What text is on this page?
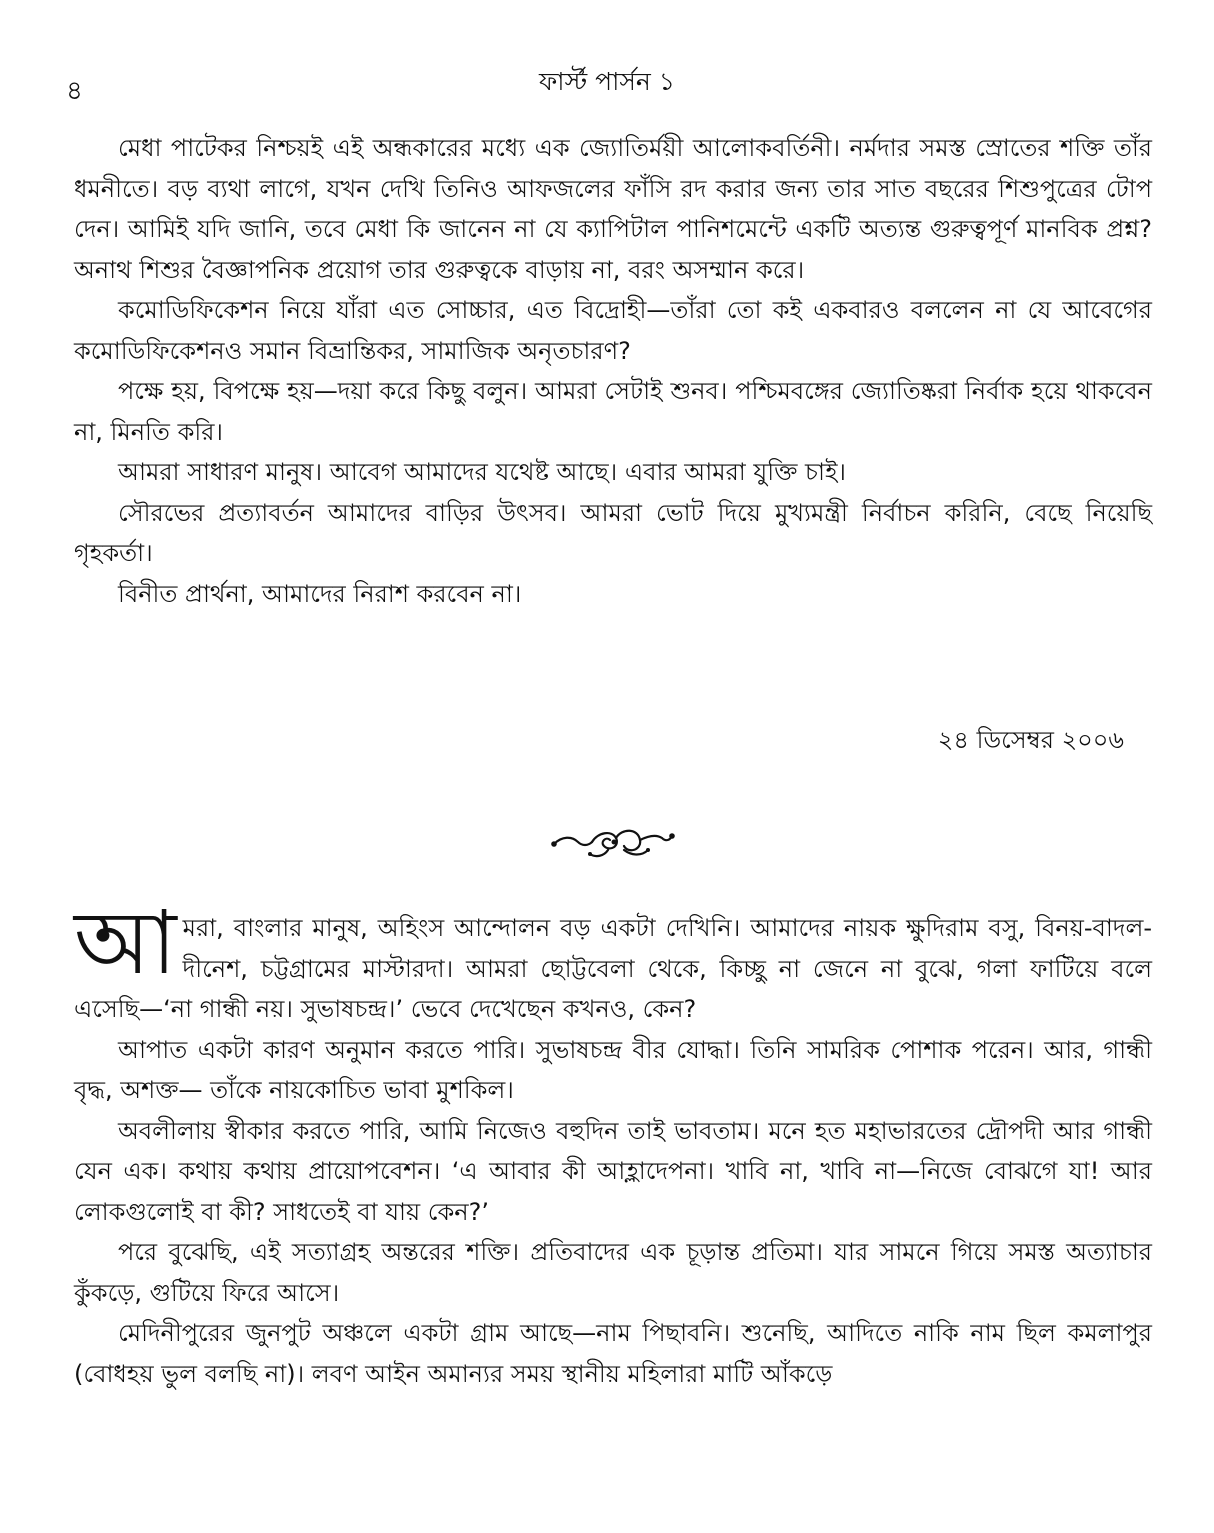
৪	ফার্স্ট পার্সন ১

মেধা পাটেকর নিশ্চয়ই এই অন্ধকারের মধ্যে এক জ্যোতির্ময়ী আলোকবর্তিনী। নর্মদার সমস্ত স্রোতের শক্তি তাঁর ধমনীতে। বড় ব্যথা লাগে, যখন দেখি তিনিও আফজলের ফাঁসি রদ করার জন্য তার সাত বছরের শিশুপুত্রের টোপ দেন। আমিই যদি জানি, তবে মেধা কি জানেন না যে ক্যাপিটাল পানিশমেন্টে একটি অত্যন্ত গুরুত্বপূর্ণ মানবিক প্রশ্ন? অনাথ শিশুর বৈজ্ঞাপনিক প্রয়োগ তার গুরুত্বকে বাড়ায় না, বরং অসম্মান করে।

কমোডিফিকেশন নিয়ে যাঁরা এত সোচ্চার, এত বিদ্রোহী—তাঁরা তো কই একবারও বললেন না যে আবেগের কমোডিফিকেশনও সমান বিভ্রান্তিকর, সামাজিক অনৃতচারণ?

পক্ষে হয়, বিপক্ষে হয়—দয়া করে কিছু বলুন। আমরা সেটাই শুনব। পশ্চিমবঙ্গের জ্যোতিষ্করা নির্বাক হয়ে থাকবেন না, মিনতি করি।

আমরা সাধারণ মানুষ। আবেগ আমাদের যথেষ্ট আছে। এবার আমরা যুক্তি চাই।

সৌরভের প্রত্যাবর্তন আমাদের বাড়ির উৎসব। আমরা ভোট দিয়ে মুখ্যমন্ত্রী নির্বাচন করিনি, বেছে নিয়েছি গৃহকর্তা।

বিনীত প্রার্থনা, আমাদের নিরাশ করবেন না।

২৪ ডিসেম্বর ২০০৬
আ মরা, বাংলার মানুষ, অহিংস আন্দোলন বড় একটা দেখিনি। আমাদের নায়ক ক্ষুদিরাম বসু, বিনয়-বাদল-দীনেশ, চট্টগ্রামের মাস্টারদা। আমরা ছোট্টবেলা থেকে, কিচ্ছু না জেনে না বুঝে, গলা ফাটিয়ে বলে এসেছি—‘না গান্ধী নয়। সুভাষচন্দ্র।’ ভেবে দেখেছেন কখনও, কেন?

আপাত একটা কারণ অনুমান করতে পারি। সুভাষচন্দ্র বীর যোদ্ধা। তিনি সামরিক পোশাক পরেন। আর, গান্ধী বৃদ্ধ, অশক্ত— তাঁকে নায়কোচিত ভাবা মুশকিল।

অবলীলায় স্বীকার করতে পারি, আমি নিজেও বহুদিন তাই ভাবতাম। মনে হত মহাভারতের দ্রৌপদী আর গান্ধী যেন এক। কথায় কথায় প্রায়োপবেশন। ‘এ আবার কী আহ্লাদেপনা। খাবি না, খাবি না—নিজে বোঝগে যা! আর লোকগুলোই বা কী? সাধতেই বা যায় কেন?’

পরে বুঝেছি, এই সত্যাগ্রহ অন্তরের শক্তি। প্রতিবাদের এক চূড়ান্ত প্রতিমা। যার সামনে গিয়ে সমস্ত অত্যাচার কুঁকড়ে, গুটিয়ে ফিরে আসে।

মেদিনীপুরের জুনপুট অঞ্চলে একটা গ্রাম আছে—নাম পিছাবনি। শুনেছি, আদিতে নাকি নাম ছিল কমলাপুর (বোধহয় ভুল বলছি না)। লবণ আইন অমান্যর সময় স্থানীয় মহিলারা মাটি আঁকড়ে
